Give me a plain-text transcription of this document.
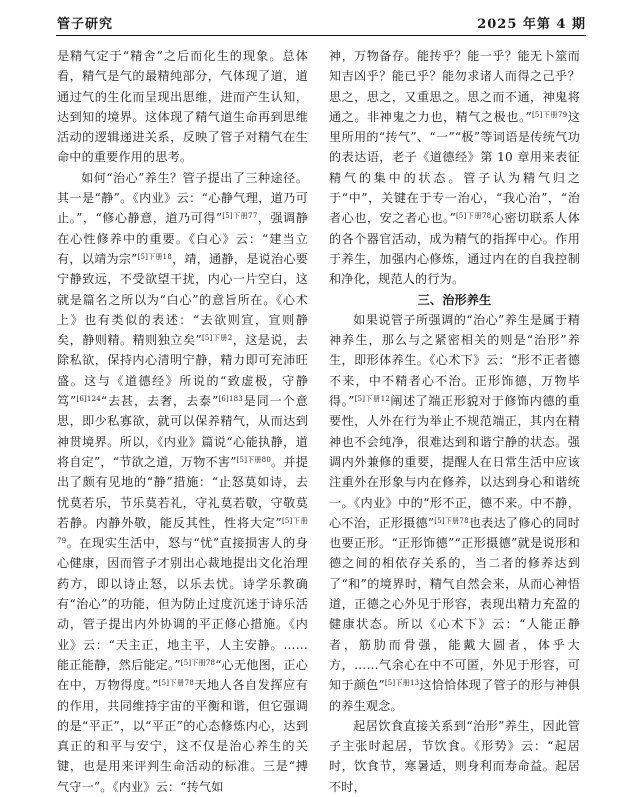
管子研究	2025 年第 4 期

是精气定于“精舍”之后而化生的现象。总体看，精气是气的最精纯部分，气体现了道，道通过气的生化而呈现出思维，进而产生认知，达到知的境界。这体现了精气道生命再到思维活动的逻辑递进关系，反映了管子对精气在生命中的重要作用的思考。

如何“治心”养生？管子提出了三种途径。其一是“静”。《内业》云：“心静气理，道乃可止。”，“修心静意，道乃可得”$^{[5]下册77}$，强调静在心性修养中的重要。《白心》云：“建当立有，以靖为宗”$^{[5]下册18}$，靖，通静，是说治心要宁静致远，不受欲望干扰，内心一片空白，这就是篇名之所以为“白心”的意旨所在。《心术上》也有类似的表述：“去欲则宣，宣则静矣，静则精。精则独立矣”$^{[5]下册2}$，这是说，去除私欲，保持内心清明宁静，精力即可充沛旺盛。这与《道德经》所说的“致虚极，守静笃”$^{[6]124}$“去甚，去奢，去泰”$^{[6]183}$是同一个意思，即少私寡欲，就可以保养精气，从而达到神贯境界。所以，《内业》篇说“心能执静，道将自定”，“节欲之道，万物不害”$^{[5]下册80}$。并提出了颇有见地的“静”措施：“止怒莫如诗，去忧莫若乐，节乐莫若礼，守礼莫若敬，守敬莫若静。内静外敬，能反其性，性将大定”$^{[5]下册79}$。在现实生活中，怒与“忧”直接损害人的身心健康，因而管子才别出心裁地提出文化治理药方，即以诗止怒，以乐去忧。诗学乐教确有“治心”的功能，但为防止过度沉迷于诗乐活动，管子提出内外协调的平正修心措施。《内业》云：“天主正，地主平，人主安静。……能正能静，然后能定。”$^{[5]下册78}$“心无他图，正心在中，万物得度。”$^{[5]下册78}$天地人各自发挥应有的作用，共同维持宇宙的平衡和谐，但它强调的是“平正”，以“平正”的心态修炼内心，达到真正的和平与安宁，这不仅是治心养生的关键，也是用来评判生命活动的标准。三是“搏气守一”。《内业》云：“抟气如

神，万物备存。能抟乎？能一乎？能无卜筮而知吉凶乎？能已乎？能勿求诸人而得之己乎？思之，思之，又重思之。思之而不通，神鬼将通之。非神鬼之力也，精气之极也。”$^{[5]下册79}$这里所用的“抟气”、“一”“极”等词语是传统气功的表达语，老子《道德经》第 10 章用来表征精气的集中的状态。管子认为精气归之于“中”，关键在于专一治心，“我心治”，“治者心也，安之者心也。”$^{[5]下册78}$心密切联系人体的各个器官活动，成为精气的指挥中心。作用于养生，加强内心修炼，通过内在的自我控制和净化，规范人的行为。

三、治形养生

如果说管子所强调的“治心”养生是属于精神养生，那么与之紧密相关的则是“治形”养生，即形体养生。《心术下》云：“形不正者德不来，中不精者心不治。正形饰德，万物毕得。”$^{[5]下册12}$阐述了端正形貌对于修饰内德的重要性，人外在行为举止不规范端正，其内在精神也不会纯净，很难达到和谐宁静的状态。强调内外兼修的重要，提醒人在日常生活中应该注重外在形象与内在修养，以达到身心和谐统一。《内业》中的“形不正，德不来。中不静，心不治，正形摄德”$^{[5]下册78}$也表达了修心的同时也要正形。“正形饰德”“正形摄德”就是说形和德之间的相依存关系的，当二者的修养达到了“和”的境界时，精气自然会来，从而心神悟道，正德之心外见于形容，表现出精力充盈的健康状态。所以《心术下》云：“人能正静者，筋肋而骨强，能戴大圆者，体乎大方，……气余心在中不可匿，外见于形容，可知于颜色”$^{[5]下册13}$这恰恰体现了管子的形与神俱的养生观念。

起居饮食直接关系到“治形”养生，因此管子主张时起居，节饮食。《形势》云：“起居时，饮食节，寒暑适，则身利而寿命益。起居不时，
